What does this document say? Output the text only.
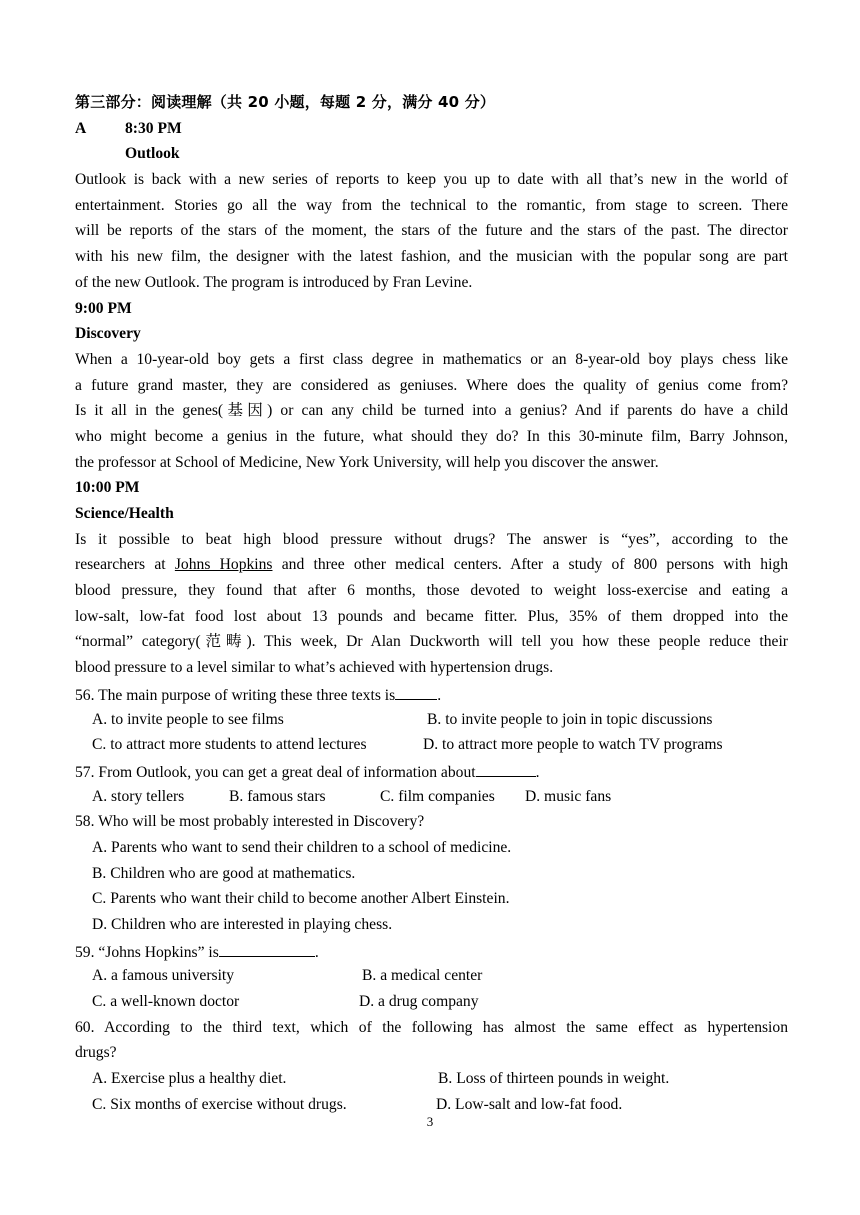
第三部分：阅读理解（共 20 小题，每题 2 分，满分 40 分）
A 8:30 PM
Outlook
Outlook is back with a new series of reports to keep you up to date with all that’s new in the world of
entertainment. Stories go all the way from the technical to the romantic, from stage to screen. There
will be reports of the stars of the moment, the stars of the future and the stars of the past. The director
with his new film, the designer with the latest fashion, and the musician with the popular song are part
of the new Outlook. The program is introduced by Fran Levine.
9:00 PM
Discovery
When a 10-year-old boy gets a first class degree in mathematics or an 8-year-old boy plays chess like
a future grand master, they are considered as geniuses. Where does the quality of genius come from?
Is it all in the genes(基因) or can any child be turned into a genius? And if parents do have a child
who might become a genius in the future, what should they do? In this 30-minute film, Barry Johnson,
the professor at School of Medicine, New York University, will help you discover the answer.
10:00 PM
Science/Health
Is it possible to beat high blood pressure without drugs? The answer is “yes”, according to the
researchers at Johns Hopkins and three other medical centers. After a study of 800 persons with high
blood pressure, they found that after 6 months, those devoted to weight loss-exercise and eating a
low-salt, low-fat food lost about 13 pounds and became fitter. Plus, 35% of them dropped into the
“normal” category(范畴). This week, Dr Alan Duckworth will tell you how these people reduce their
blood pressure to a level similar to what’s achieved with hypertension drugs.
56. The main purpose of writing these three texts is	.
A. to invite people to see films	B. to invite people to join in topic discussions
C. to attract more students to attend lectures	D. to attract more people to watch TV programs
57. From Outlook, you can get a great deal of information about	.
A. story tellers	B. famous stars	C. film companies D. music fans
58. Who will be most probably interested in Discovery?
A. Parents who want to send their children to a school of medicine.
B. Children who are good at mathematics.
C. Parents who want their child to become another Albert Einstein.
D. Children who are interested in playing chess.
59. “Johns Hopkins” is	.
A. a famous university	B. a medical center
C. a well-known doctor	D. a drug company
60. According to the third text, which of the following has almost the same effect as hypertension
drugs?
A. Exercise plus a healthy diet.	B. Loss of thirteen pounds in weight.
C. Six months of exercise without drugs.	D. Low-salt and low-fat food.
3
